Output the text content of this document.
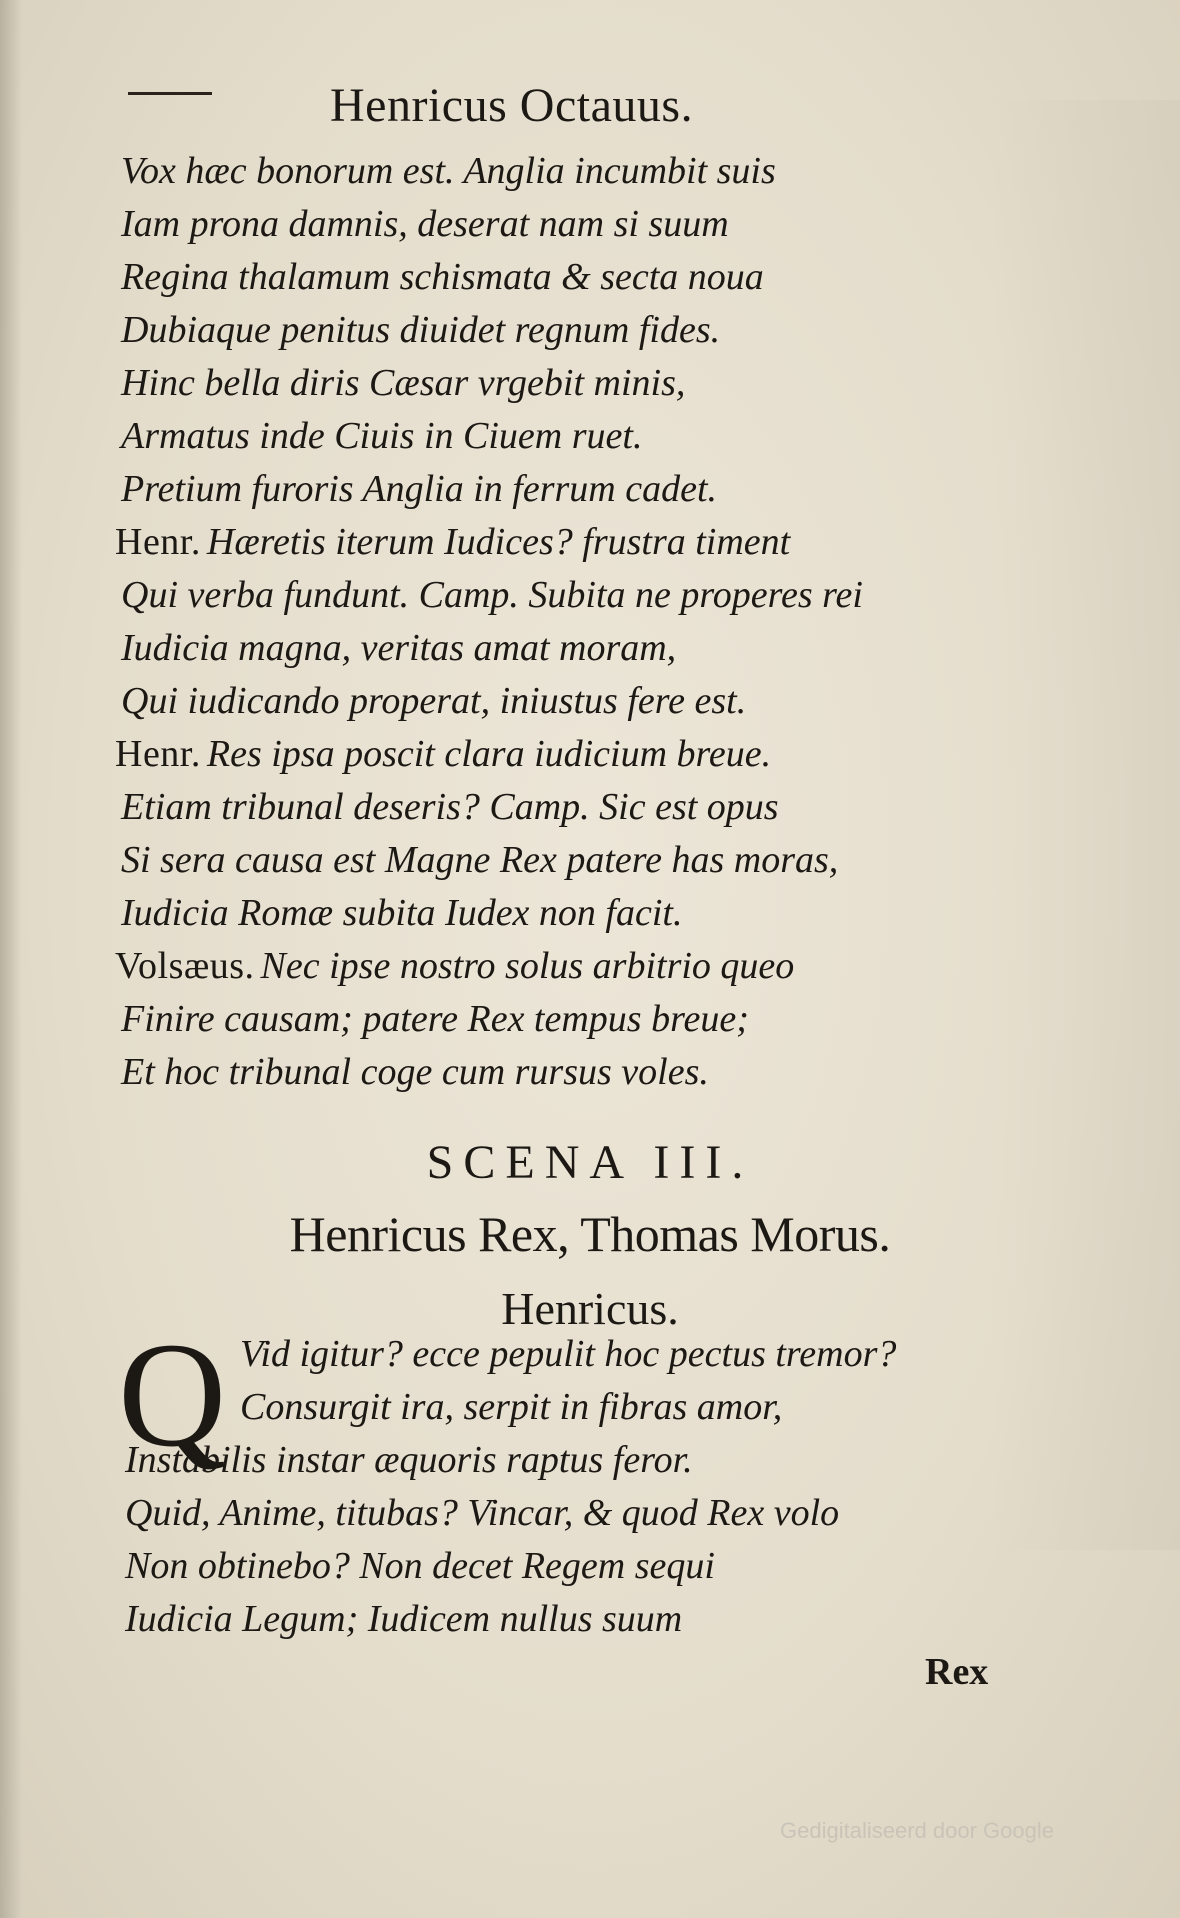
Henricus Octauus.
Vox hæc bonorum est. Anglia incumbit suis
Iam prona damnis, deserat nam si suum
Regina thalamum schismata & secta noua
Dubiaque penitus diuidet regnum fides.
Hinc bella diris Cæsar vrgebit minis,
Armatus inde Ciuis in Ciuem ruet.
Pretium furoris Anglia in ferrum cadet.
Henr. Hæretis iterum Iudices? frustra timent
Qui verba fundunt. Camp. Subita ne properes rei
Iudicia magna, veritas amat moram,
Qui iudicando properat, iniustus fere est.
Henr. Res ipsa poscit clara iudicium breue.
Etiam tribunal deseris? Camp. Sic est opus
Si sera causa est Magne Rex patere has moras,
Iudicia Romæ subita Iudex non facit.
Volsæus. Nec ipse nostro solus arbitrio queo
Finire causam; patere Rex tempus breue;
Et hoc tribunal coge cum rursus voles.
SCENA III.
Henricus Rex, Thomas Morus.
Henricus.
Q Vid igitur? ecce pepulit hoc pectus tremor?
Consurgit ira, serpit in fibras amor,
Instabilis instar æquoris raptus feror.
Quid, Anime, titubas? Vincar, & quod Rex volo
Non obtinebo? Non decet Regem sequi
Iudicia Legum; Iudicem nullus suum
Rex
Gedigitaliseerd door Google
